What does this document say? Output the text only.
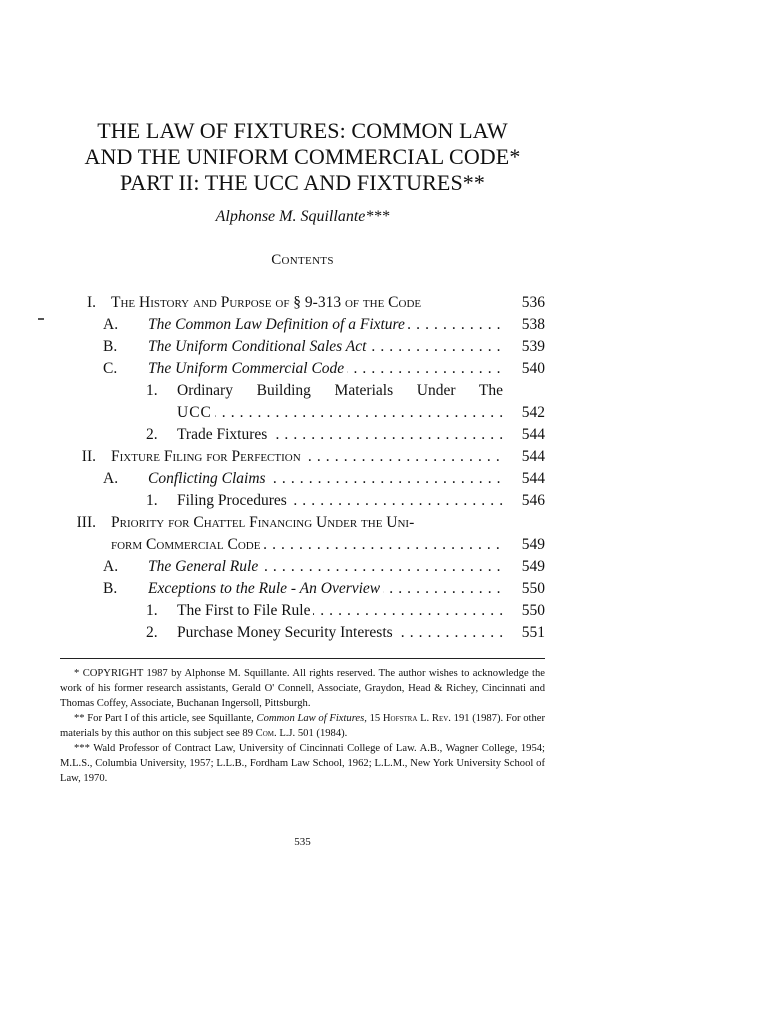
THE LAW OF FIXTURES: COMMON LAW
AND THE UNIFORM COMMERCIAL CODE*
PART II: THE UCC AND FIXTURES**
Alphonse M. Squillante***
Contents
I. The History and Purpose of § 9-313 of the Code	536
A.	The Common Law Definition of a Fixture . . .	538
B.	The Uniform Conditional Sales Act . . .	539
C.	The Uniform Commercial Code . . .	540
1.	Ordinary Building Materials Under The
UCC . . .	542
2.	Trade Fixtures . . .	544
II. Fixture Filing for Perfection . . .	544
A.	Conflicting Claims . . .	544
1.	Filing Procedures . . .	546
III. Priority for Chattel Financing Under the Uni-
form Commercial Code . . .	549
A.	The General Rule . . .	549
B.	Exceptions to the Rule - An Overview . . .	550
1.	The First to File Rule . . .	550
2.	Purchase Money Security Interests . . .	551

* COPYRIGHT 1987 by Alphonse M. Squillante. All rights reserved. The author wishes to acknowledge the work of his former research assistants, Gerald O' Connell, Associate, Graydon, Head & Richey, Cincinnati and Thomas Coffey, Associate, Buchanan Ingersoll, Pittsburgh.

** For Part I of this article, see Squillante, Common Law of Fixtures, 15 Hofstra L. Rev. 191 (1987). For other materials by this author on this subject see 89 Com. L.J. 501 (1984).

*** Wald Professor of Contract Law, University of Cincinnati College of Law. A.B., Wagner College, 1954; M.L.S., Columbia University, 1957; L.L.B., Fordham Law School, 1962; L.L.M., New York University School of Law, 1970.

535
